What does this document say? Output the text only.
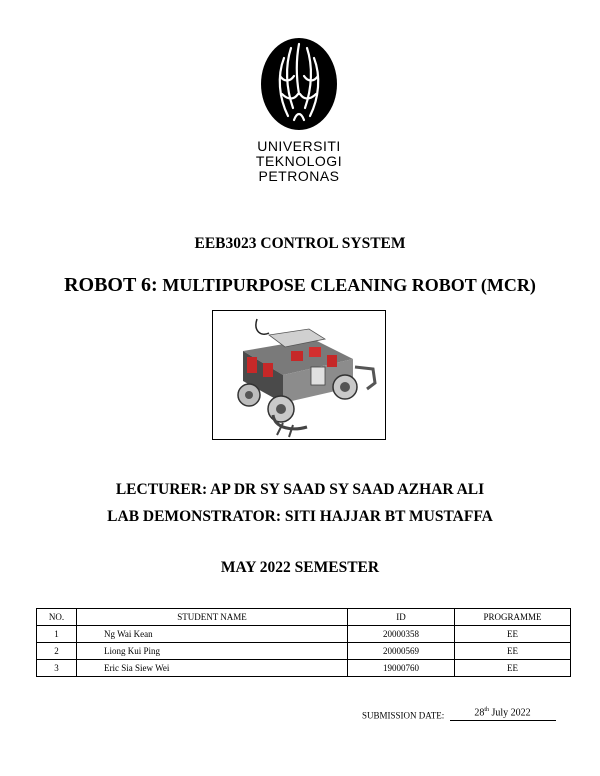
UNIVERSITI
TEKNOLOGI
PETRONAS
EEB3023 CONTROL SYSTEM
ROBOT 6: MULTIPURPOSE CLEANING ROBOT (MCR)
LECTURER: AP DR SY SAAD SY SAAD AZHAR ALI
LAB DEMONSTRATOR: SITI HAJJAR BT MUSTAFFA
MAY 2022 SEMESTER
NO.	STUDENT NAME	ID	PROGRAMME
1	Ng Wai Kean	20000358	EE
2	Liong Kui Ping	20000569	EE
3	Eric Sia Siew Wei	19000760	EE
SUBMISSION DATE:	28th July 2022
